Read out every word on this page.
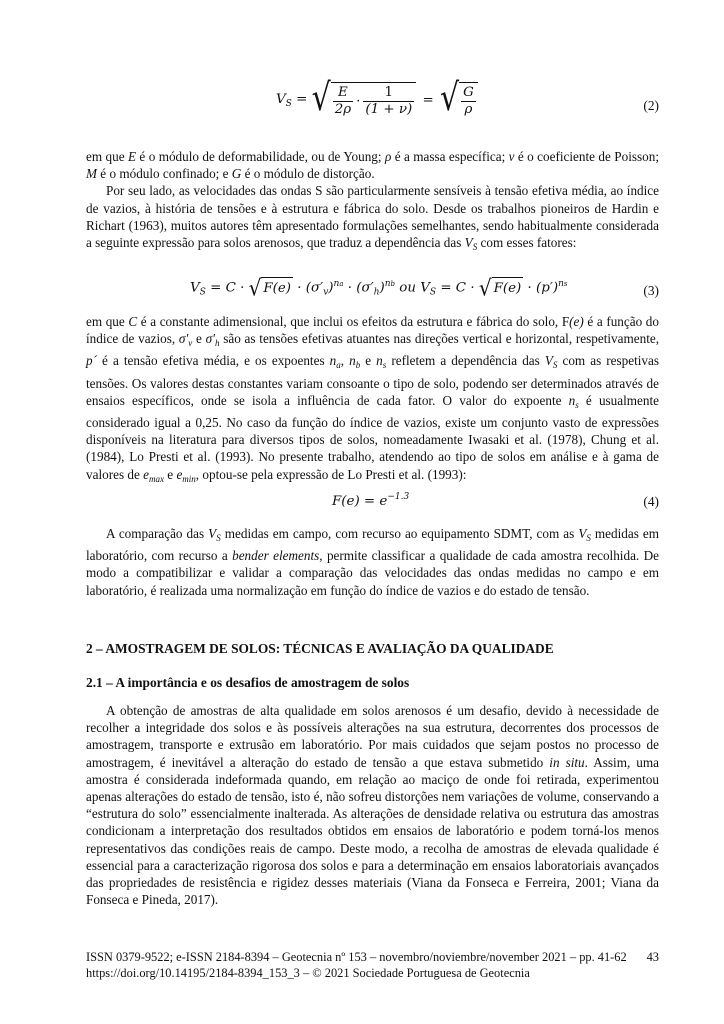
$V_S$ = √ $\frac{E}{2\rho} \cdot \frac{1}{(1 + \nu)}$ = √ $\frac{G}{\rho}$	(2)

em que E é o módulo de deformabilidade, ou de Young; ρ é a massa específica; ν é o coeficiente de Poisson; M é o módulo confinado; e G é o módulo de distorção.

Por seu lado, as velocidades das ondas S são particularmente sensíveis à tensão efetiva média, ao índice de vazios, à história de tensões e à estrutura e fábrica do solo. Desde os trabalhos pioneiros de Hardin e Richart (1963), muitos autores têm apresentado formulações semelhantes, sendo habitualmente considerada a seguinte expressão para solos arenosos, que traduz a dependência das $V_S$ com esses fatores:

$V_S = C$ · √ $F(e) \cdot (\sigma'_v)^{na} \cdot (\sigma'_h)^{nb}$ ou $V_S = C$ · √ $F(e) \cdot (p')^{ns}$	(3)

em que C é a constante adimensional, que inclui os efeitos da estrutura e fábrica do solo, F(e) é a função do índice de vazios, $\sigma'_v$ e $\sigma'_h$ são as tensões efetivas atuantes nas direções vertical e horizontal, respetivamente, p´ é a tensão efetiva média, e os expoentes $n_a$, $n_b$ e $n_s$ refletem a dependência das $V_S$ com as respetivas tensões. Os valores destas constantes variam consoante o tipo de solo, podendo ser determinados através de ensaios específicos, onde se isola a influência de cada fator. O valor do expoente $n_s$ é usualmente considerado igual a 0,25. No caso da função do índice de vazios, existe um conjunto vasto de expressões disponíveis na literatura para diversos tipos de solos, nomeadamente Iwasaki et al. (1978), Chung et al. (1984), Lo Presti et al. (1993). No presente trabalho, atendendo ao tipo de solos em análise e à gama de valores de $e_{max}$ e $e_{min}$, optou-se pela expressão de Lo Presti et al. (1993):

$F(e) = e^{-1.3}$	(4)

A comparação das $V_S$ medidas em campo, com recurso ao equipamento SDMT, com as $V_S$ medidas em laboratório, com recurso a bender elements, permite classificar a qualidade de cada amostra recolhida. De modo a compatibilizar e validar a comparação das velocidades das ondas medidas no campo e em laboratório, é realizada uma normalização em função do índice de vazios e do estado de tensão.

2 – AMOSTRAGEM DE SOLOS: TÉCNICAS E AVALIAÇÃO DA QUALIDADE
2.1 – A importância e os desafios de amostragem de solos

A obtenção de amostras de alta qualidade em solos arenosos é um desafio, devido à necessidade de recolher a integridade dos solos e às possíveis alterações na sua estrutura, decorrentes dos processos de amostragem, transporte e extrusão em laboratório. Por mais cuidados que sejam postos no processo de amostragem, é inevitável a alteração do estado de tensão a que estava submetido in situ. Assim, uma amostra é considerada indeformada quando, em relação ao maciço de onde foi retirada, experimentou apenas alterações do estado de tensão, isto é, não sofreu distorções nem variações de volume, conservando a “estrutura do solo” essencialmente inalterada. As alterações de densidade relativa ou estrutura das amostras condicionam a interpretação dos resultados obtidos em ensaios de laboratório e podem torná-los menos representativos das condições reais de campo. Deste modo, a recolha de amostras de elevada qualidade é essencial para a caracterização rigorosa dos solos e para a determinação em ensaios laboratoriais avançados das propriedades de resistência e rigidez desses materiais (Viana da Fonseca e Ferreira, 2001; Viana da Fonseca e Pineda, 2017).

ISSN 0379-9522; e-ISSN 2184-8394 – Geotecnia nº 153 – novembro/noviembre/november 2021 – pp. 41-62 43
https://doi.org/10.14195/2184-8394_153_3 – © 2021 Sociedade Portuguesa de Geotecnia
